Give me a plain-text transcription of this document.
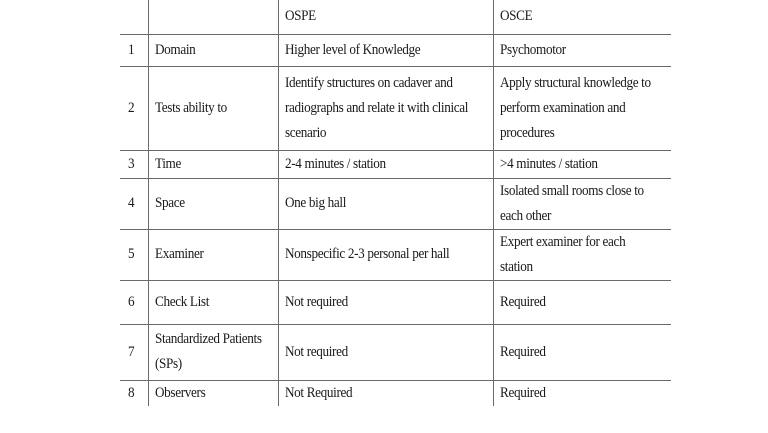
		OSPE	OSCE

1	Domain	Higher level of Knowledge	Psychomotor

2	Tests ability to	Identify structures on cadaver and
radiographs and relate it with clinical
scenario	Apply structural knowledge to
perform examination and
procedures

3	Time	2-4 minutes / station	>4 minutes / station

4	Space	One big hall	Isolated small rooms close to
each other

5	Examiner	Nonspecific 2-3 personal per hall	Expert examiner for each
station

6	Check List	Not required	Required

7	Standardized Patients
(SPs)	Not required	Required

8	Observers	Not Required	Required
